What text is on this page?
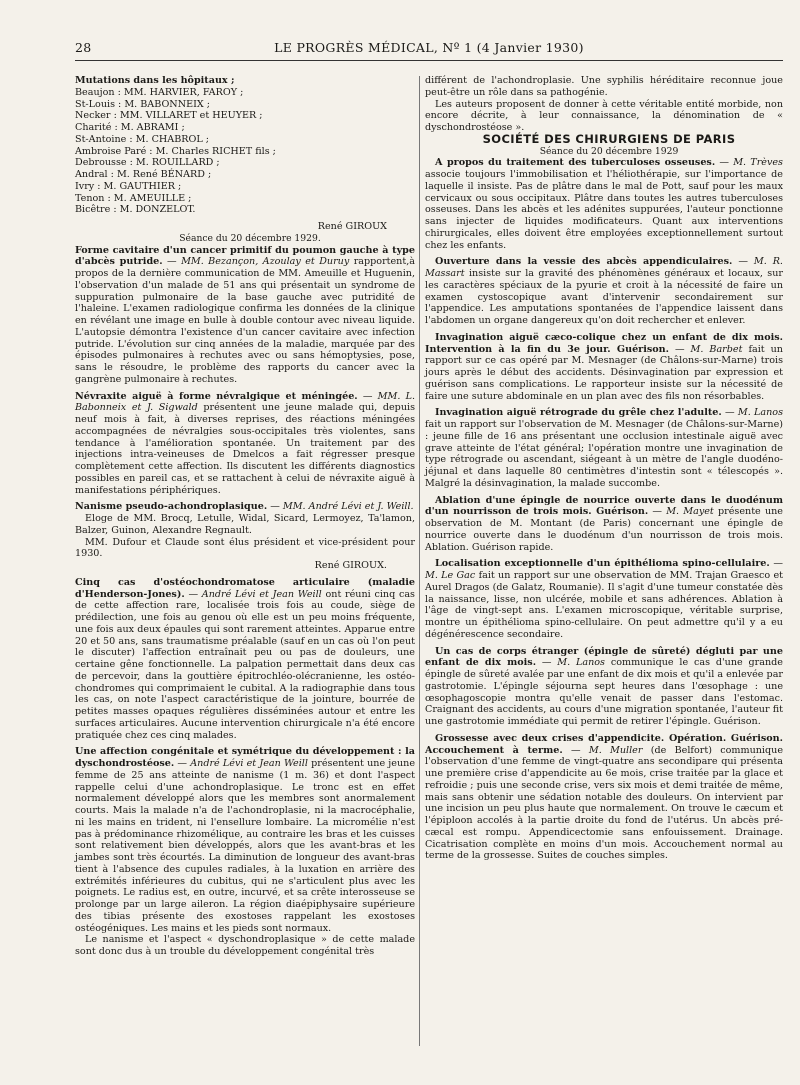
28	LE PROGRÈS MÉDICAL, Nº 1 (4 Janvier 1930)

Mutations dans les hôpitaux ;

Beaujon : MM. HARVIER, FAROY ;

St-Louis : M. BABONNEIX ;

Necker : MM. VILLARET et HEUYER ;

Charité : M. ABRAMI ;

St-Antoine : M. CHABROL ;

Ambroise Paré : M. Charles RICHET fils ;

Debrousse : M. ROUILLARD ;

Andral : M. René BÉNARD ;

Ivry : M. GAUTHIER ;

Tenon : M. AMEUILLE ;

Bicêtre : M. DONZELOT.

René GIROUX

Séance du 20 décembre 1929.

Forme cavitaire d'un cancer primitif du poumon gauche à type d'abcès putride. — MM. Bezançon, Azoulay et Duruy rapportent,à propos de la dernière communication de MM. Ameuille et Huguenin, l'observation d'un malade de 51 ans qui présentait un syndrome de suppuration pulmonaire de la base gauche avec putridité de l'haleine. L'examen radiologique confirma les données de la clinique en révélant une image en bulle à double contour avec niveau liquide. L'autopsie démontra l'existence d'un cancer cavitaire avec infection putride. L'évolution sur cinq années de la maladie, marquée par des épisodes pulmonaires à rechutes avec ou sans hémoptysies, pose, sans le résoudre, le problème des rapports du cancer avec la gangrène pulmonaire à rechutes.

Névraxite aiguë à forme névralgique et méningée. — MM. L. Babonneix et J. Sigwald présentent une jeune malade qui, depuis neuf mois à fait, à diverses reprises, des réactions méningées accompagnées de névralgies sous-occipitales très violentes, sans tendance à l'amélioration spontanée. Un traitement par des injections intra-veineuses de Dmelcos a fait régresser presque complètement cette affection. Ils discutent les différents diagnostics possibles en pareil cas, et se rattachent à celui de névraxite aiguë à manifestations périphériques.

Nanisme pseudo-achondroplasique. — MM. André Lévi et J. Weill.

Eloge de MM. Brocq, Letulle, Widal, Sicard, Lermoyez, Ta'lamon, Balzer, Guinon, Alexandre Regnault.

MM. Dufour et Claude sont élus président et vice-président pour 1930.

René GIROUX.

Cinq cas d'ostéochondromatose articulaire (maladie d'Henderson-Jones). — André Lévi et Jean Weill ont réuni cinq cas de cette affection rare, localisée trois fois au coude, siège de prédilection, une fois au genou où elle est un peu moins fréquente, une fois aux deux épaules qui sont rarement atteintes. Apparue entre 20 et 50 ans, sans traumatisme préalable (sauf en un cas où l'on peut le discuter) l'affection entraînait peu ou pas de douleurs, une certaine gêne fonctionnelle. La palpation permettait dans deux cas de percevoir, dans la gouttière épitrochléo-olécranienne, les ostéo-chondromes qui comprimaient le cubital. A la radiographie dans tous les cas, on note l'aspect caractéristique de la jointure, bourrée de petites masses opaques régulières disséminées autour et entre les surfaces articulaires. Aucune intervention chirurgicale n'a été encore pratiquée chez ces cinq malades.

Une affection congénitale et symétrique du développement : la dyschondrostéose. — André Lévi et Jean Weill présentent une jeune femme de 25 ans atteinte de nanisme (1 m. 36) et dont l'aspect rappelle celui d'une achondroplasique. Le tronc est en effet normalement développé alors que les membres sont anormalement courts. Mais la malade n'a de l'achondroplasie, ni la macrocéphalie, ni les mains en trident, ni l'ensellure lombaire. La micromélie n'est pas à prédominance rhizomélique, au contraire les bras et les cuisses sont relativement bien développés, alors que les avant-bras et les jambes sont très écourtés. La diminution de longueur des avant-bras tient à l'absence des cupules radiales, à la luxation en arrière des extrémités inférieures du cubitus, qui ne s'articulent plus avec les poignets. Le radius est, en outre, incurvé, et sa crête interosseuse se prolonge par un large aileron. La région diaépiphysaire supérieure des tibias présente des exostoses rappelant les exostoses ostéogéniques. Les mains et les pieds sont normaux.

Le nanisme et l'aspect « dyschondroplasique » de cette malade sont donc dus à un trouble du développement congénital très

différent de l'achondroplasie. Une syphilis héréditaire reconnue joue peut-être un rôle dans sa pathogénie.

Les auteurs proposent de donner à cette véritable entité morbide, non encore décrite, à leur connaissance, la dénomination de « dyschondrostéose ».

SOCIÉTÉ DES CHIRURGIENS DE PARIS

Séance du 20 décembre 1929

A propos du traitement des tuberculoses osseuses. — M. Trèves associe toujours l'immobilisation et l'héliothérapie, sur l'importance de laquelle il insiste. Pas de plâtre dans le mal de Pott, sauf pour les maux cervicaux ou sous occipitaux. Plâtre dans toutes les autres tuberculoses osseuses. Dans les abcès et les adénites suppurées, l'auteur ponctionne sans injecter de liquides modificateurs. Quant aux interventions chirurgicales, elles doivent être employées exceptionnellement surtout chez les enfants.

Ouverture dans la vessie des abcès appendiculaires. — M. R. Massart insiste sur la gravité des phénomènes généraux et locaux, sur les caractères spéciaux de la pyurie et croit à la nécessité de faire un examen cystoscopique avant d'intervenir secondairement sur l'appendice. Les amputations spontanées de l'appendice laissent dans l'abdomen un organe dangereux qu'on doit rechercher et enlever.

Invagination aiguë cæco-colique chez un enfant de dix mois. Intervention à la fin du 3e jour. Guérison. — M. Barbet fait un rapport sur ce cas opéré par M. Mesnager (de Châlons-sur-Marne) trois jours après le début des accidents. Désinvagination par expression et guérison sans complications. Le rapporteur insiste sur la nécessité de faire une suture abdominale en un plan avec des fils non résorbables.

Invagination aiguë rétrograde du grêle chez l'adulte. — M. Lanos fait un rapport sur l'observation de M. Mesnager (de Châlons-sur-Marne) : jeune fille de 16 ans présentant une occlusion intestinale aiguë avec grave atteinte de l'état général; l'opération montre une invagination de type rétrograde ou ascendant, siégeant à un mètre de l'angle duodéno-jéjunal et dans laquelle 80 centimètres d'intestin sont « télescopés ». Malgré la désinvagination, la malade succombe.

Ablation d'une épingle de nourrice ouverte dans le duodénum d'un nourrisson de trois mois. Guérison. — M. Mayet présente une observation de M. Montant (de Paris) concernant une épingle de nourrice ouverte dans le duodénum d'un nourrisson de trois mois. Ablation. Guérison rapide.

Localisation exceptionnelle d'un épithélioma spino-cellulaire. — M. Le Gac fait un rapport sur une observation de MM. Trajan Graesco et Aurel Dragos (de Galatz, Roumanie). Il s'agit d'une tumeur constatée dès la naissance, lisse, non ulcérée, mobile et sans adhérences. Ablation à l'âge de vingt-sept ans. L'examen microscopique, véritable surprise, montre un épithélioma spino-cellulaire. On peut admettre qu'il y a eu dégénérescence secondaire.

Un cas de corps étranger (épingle de sûreté) dégluti par une enfant de dix mois. — M. Lanos communique le cas d'une grande épingle de sûreté avalée par une enfant de dix mois et qu'il a enlevée par gastrotomie. L'épingle séjourna sept heures dans l'œsophage : une œsophagoscopie montra qu'elle venait de passer dans l'estomac. Craignant des accidents, au cours d'une migration spontanée, l'auteur fit une gastrotomie immédiate qui permit de retirer l'épingle. Guérison.

Grossesse avec deux crises d'appendicite. Opération. Guérison. Accouchement à terme. — M. Muller (de Belfort) communique l'observation d'une femme de vingt-quatre ans secondipare qui présenta une première crise d'appendicite au 6e mois, crise traitée par la glace et refroidie ; puis une seconde crise, vers six mois et demi traitée de même, mais sans obtenir une sédation notable des douleurs. On intervient par une incision un peu plus haute que normalement. On trouve le cæcum et l'épiploon accolés à la partie droite du fond de l'utérus. Un abcès pré-cæcal est rompu. Appendicectomie sans enfouissement. Drainage. Cicatrisation complète en moins d'un mois. Accouchement normal au terme de la grossesse. Suites de couches simples.
